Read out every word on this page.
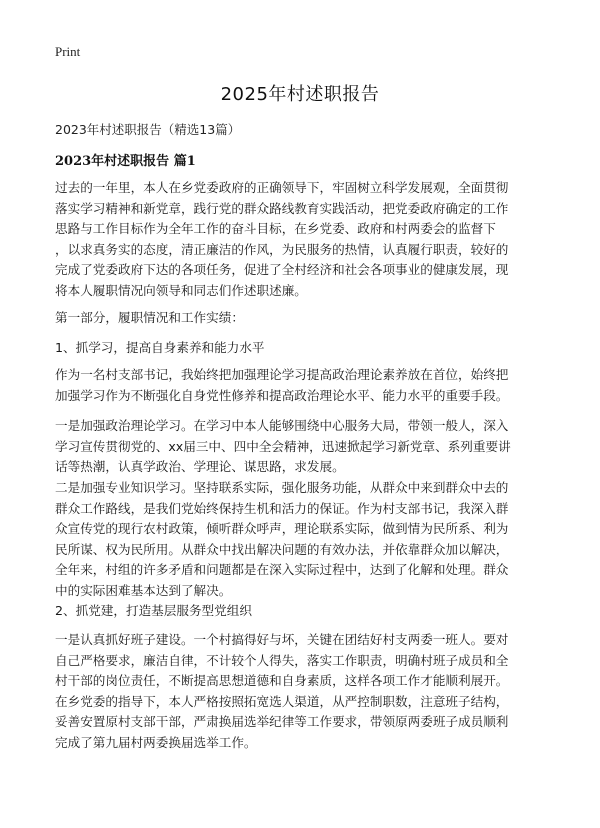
Print
2025年村述职报告
2023年村述职报告（精选13篇）
2023年村述职报告 篇1
过去的一年里，本人在乡党委政府的正确领导下，牢固树立科学发展观，全面贯彻
落实学习精神和新党章，践行党的群众路线教育实践活动，把党委政府确定的工作
思路与工作目标作为全年工作的奋斗目标，在乡党委、政府和村两委会的监督下
，以求真务实的态度，清正廉洁的作风，为民服务的热情，认真履行职责，较好的
完成了党委政府下达的各项任务，促进了全村经济和社会各项事业的健康发展，现
将本人履职情况向领导和同志们作述职述廉。
第一部分，履职情况和工作实绩：
1、抓学习，提高自身素养和能力水平
作为一名村支部书记，我始终把加强理论学习提高政治理论素养放在首位，始终把
加强学习作为不断强化自身党性修养和提高政治理论水平、能力水平的重要手段。
一是加强政治理论学习。在学习中本人能够围绕中心服务大局，带领一般人，深入
学习宣传贯彻党的、xx届三中、四中全会精神，迅速掀起学习新党章、系列重要讲
话等热潮，认真学政治、学理论、谋思路，求发展。
二是加强专业知识学习。坚持联系实际，强化服务功能，从群众中来到群众中去的
群众工作路线，是我们党始终保持生机和活力的保证。作为村支部书记，我深入群
众宣传党的现行农村政策，倾听群众呼声，理论联系实际，做到情为民所系、利为
民所谋、权为民所用。从群众中找出解决问题的有效办法，并依靠群众加以解决，
全年来，村组的许多矛盾和问题都是在深入实际过程中，达到了化解和处理。群众
中的实际困难基本达到了解决。
2、抓党建，打造基层服务型党组织
一是认真抓好班子建设。一个村搞得好与坏，关键在团结好村支两委一班人。要对
自己严格要求，廉洁自律，不计较个人得失，落实工作职责，明确村班子成员和全
村干部的岗位责任，不断提高思想道德和自身素质，这样各项工作才能顺利展开。
在乡党委的指导下，本人严格按照拓宽选人渠道，从严控制职数，注意班子结构，
妥善安置原村支部干部，严肃换届选举纪律等工作要求，带领原两委班子成员顺利
完成了第九届村两委换届选举工作。
